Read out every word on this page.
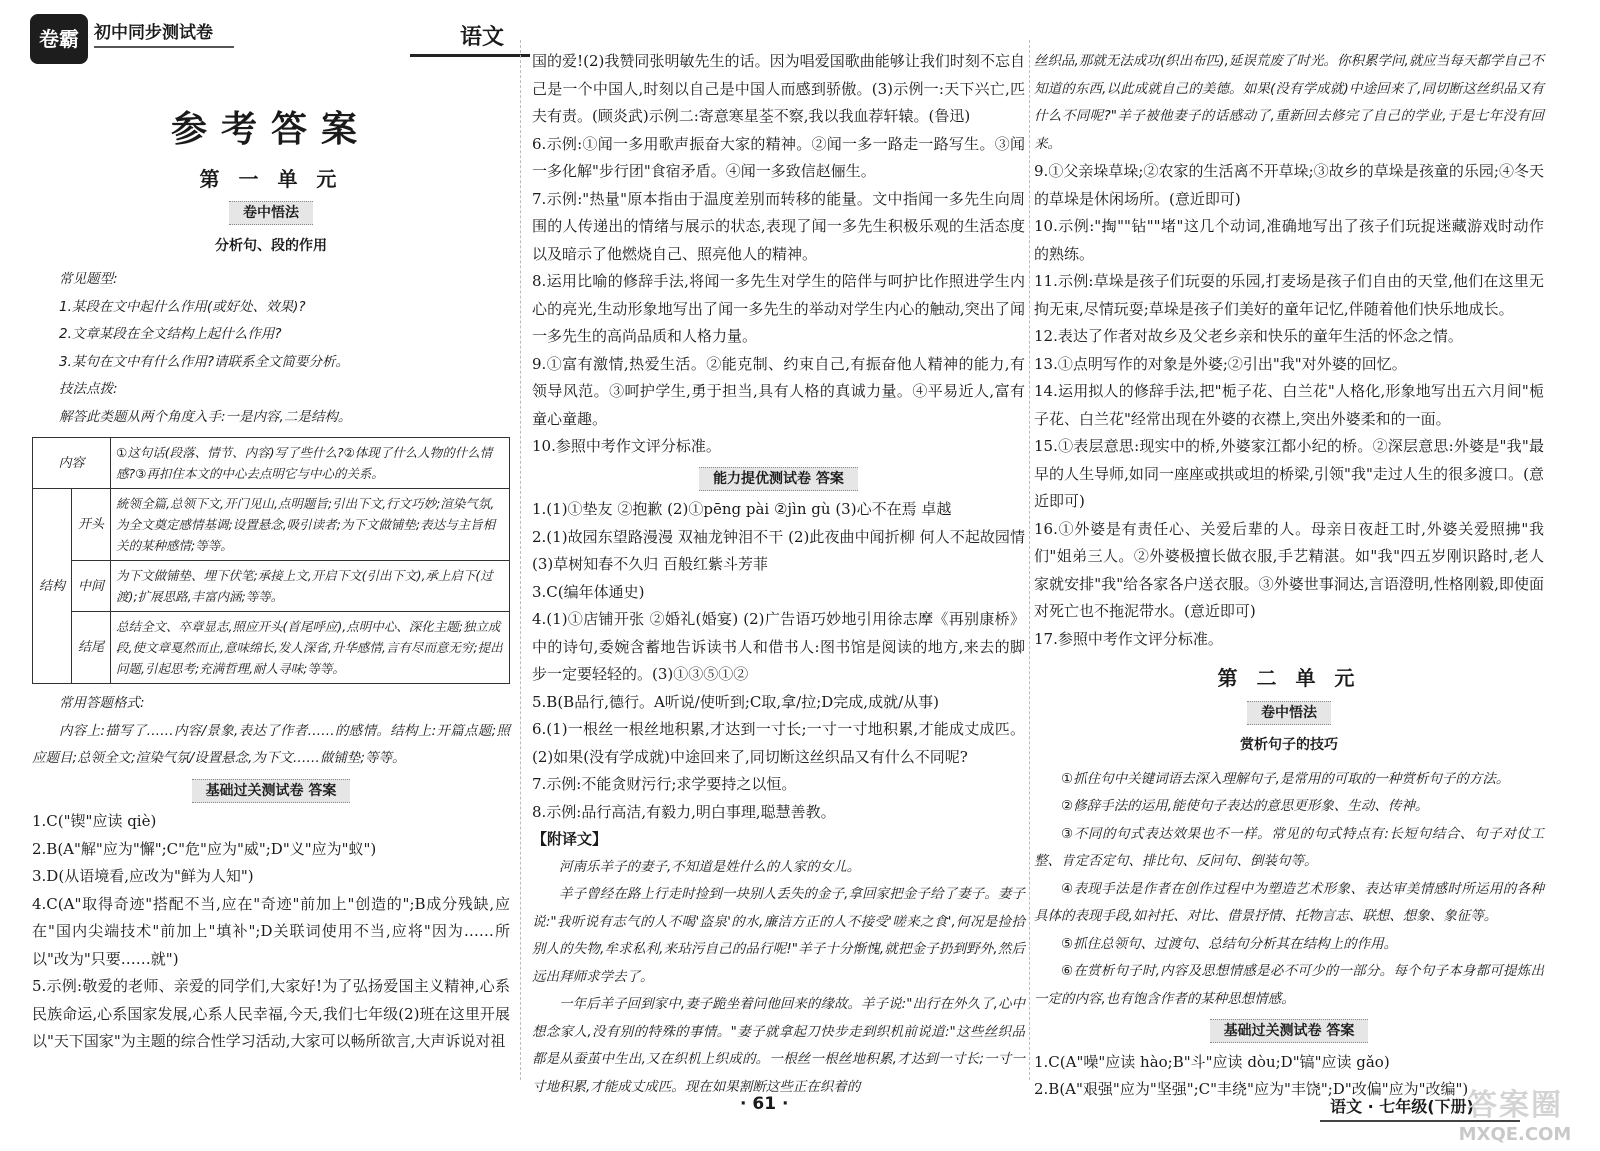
卷霸 初中同步测试卷	语文
参考答案
第 一 单 元
卷中悟法
分析句、段的作用

常见题型:

1.某段在文中起什么作用(或好处、效果)?

2.文章某段在全文结构上起什么作用?

3.某句在文中有什么作用?请联系全文简要分析。

技法点拨:

解答此类题从两个角度入手:一是内容,二是结构。

内容		①这句话(段落、情节、内容)写了些什么?②体现了什么人物的什么情感?③再扣住本文的中心去点明它与中心的关系。
结构	开头	統领全篇,总领下文,开门见山,点明题旨;引出下文,行文巧妙;渲染气氛,为全文奠定感情基调;设置悬念,吸引读者;为下文做铺垫;表达与主旨相关的某种感情;等等。
	中间	为下文做铺垫、埋下伏笔;承接上文,开启下文(引出下文),承上启下(过渡);扩展思路,丰富内涵;等等。
	结尾	总结全文、卒章显志,照应开头(首尾呼应),点明中心、深化主题;独立成段,使文章戛然而止,意味绵长,发人深省,升华感情,言有尽而意无穷;提出问题,引起思考;充满哲理,耐人寻味;等等。

常用答题格式:

内容上:描写了……内容/景象,表达了作者……的感情。结构上:开篇点题;照应题目;总领全文;渲染气氛/设置悬念,为下文……做铺垫;等等。

基础过关测试卷 答案

1.C("锲"应读 qiè)

2.B(A"解"应为"懈";C"危"应为"威";D"义"应为"蚁")

3.D(从语境看,应改为"鲜为人知")

4.C(A"取得奇迹"搭配不当,应在"奇迹"前加上"创造的";B成分残缺,应在"国内尖端技术"前加上"填补";D关联词使用不当,应将"因为……所以"改为"只要……就")

5.示例:敬爱的老师、亲爱的同学们,大家好!为了弘扬爱国主义精神,心系民族命运,心系国家发展,心系人民幸福,今天,我们七年级(2)班在这里开展以"天下国家"为主题的综合性学习活动,大家可以畅所欲言,大声诉说对祖

国的爱!(2)我赞同张明敏先生的话。因为唱爱国歌曲能够让我们时刻不忘自己是一个中国人,时刻以自己是中国人而感到骄傲。(3)示例一:天下兴亡,匹夫有责。(顾炎武)示例二:寄意寒星荃不察,我以我血荐轩辕。(鲁迅)

6.示例:①闻一多用歌声振奋大家的精神。②闻一多一路走一路写生。③闻一多化解"步行团"食宿矛盾。④闻一多致信赵俪生。

7.示例:"热量"原本指由于温度差别而转移的能量。文中指闻一多先生向周围的人传递出的情绪与展示的状态,表现了闻一多先生积极乐观的生活态度以及暗示了他燃烧自己、照亮他人的精神。

8.运用比喻的修辞手法,将闻一多先生对学生的陪伴与呵护比作照进学生内心的亮光,生动形象地写出了闻一多先生的举动对学生内心的触动,突出了闻一多先生的高尚品质和人格力量。

9.①富有激情,热爱生活。②能克制、约束自己,有振奋他人精神的能力,有领导风范。③呵护学生,勇于担当,具有人格的真诚力量。④平易近人,富有童心童趣。

10.参照中考作文评分标准。

能力提优测试卷 答案

1.(1)①垫友 ②抱歉 (2)①pēng pài ②jìn gù (3)心不在焉 卓越

2.(1)故园东望路漫漫 双袖龙钟泪不干 (2)此夜曲中闻折柳 何人不起故园情 (3)草树知春不久归 百般红紫斗芳菲

3.C(编年体通史)

4.(1)①店铺开张 ②婚礼(婚宴) (2)广告语巧妙地引用徐志摩《再别康桥》中的诗句,委婉含蓄地告诉读书人和借书人:图书馆是阅读的地方,来去的脚步一定要轻轻的。(3)①③⑤①②

5.B(B品行,德行。A听说/使听到;C取,拿/拉;D完成,成就/从事)

6.(1)一根丝一根丝地积累,才达到一寸长;一寸一寸地积累,才能成丈成匹。(2)如果(没有学成就)中途回来了,同切断这丝织品又有什么不同呢?

7.示例:不能贪财污行;求学要持之以恒。

8.示例:品行高洁,有毅力,明白事理,聪慧善教。

【附译文】

河南乐羊子的妻子,不知道是姓什么的人家的女儿。

羊子曾经在路上行走时捡到一块别人丢失的金子,拿回家把金子给了妻子。妻子说:"我听说有志气的人不喝'盗泉'的水,廉洁方正的人不接受'嗟来之食',何况是捡拾别人的失物,牟求私利,来玷污自己的品行呢!"羊子十分惭愧,就把金子扔到野外,然后远出拜师求学去了。

一年后羊子回到家中,妻子跪坐着问他回来的缘故。羊子说:"出行在外久了,心中想念家人,没有别的特殊的事情。"妻子就拿起刀快步走到织机前说道:"这些丝织品都是从蚕茧中生出,又在织机上织成的。一根丝一根丝地积累,才达到一寸长;一寸一寸地积累,才能成丈成匹。现在如果割断这些正在织着的

丝织品,那就无法成功(织出布匹),延误荒废了时光。你积累学问,就应当每天都学自己不知道的东西,以此成就自己的美德。如果(没有学成就)中途回来了,同切断这丝织品又有什么不同呢?"羊子被他妻子的话感动了,重新回去修完了自己的学业,于是七年没有回来。

9.①父亲垛草垛;②农家的生活离不开草垛;③故乡的草垛是孩童的乐园;④冬天的草垛是休闲场所。(意近即可)

10.示例:"掏""钻""堵"这几个动词,准确地写出了孩子们玩捉迷藏游戏时动作的熟练。

11.示例:草垛是孩子们玩耍的乐园,打麦场是孩子们自由的天堂,他们在这里无拘无束,尽情玩耍;草垛是孩子们美好的童年记忆,伴随着他们快乐地成长。

12.表达了作者对故乡及父老乡亲和快乐的童年生活的怀念之情。

13.①点明写作的对象是外婆;②引出"我"对外婆的回忆。

14.运用拟人的修辞手法,把"栀子花、白兰花"人格化,形象地写出五六月间"栀子花、白兰花"经常出现在外婆的衣襟上,突出外婆柔和的一面。

15.①表层意思:现实中的桥,外婆家江都小纪的桥。②深层意思:外婆是"我"最早的人生导师,如同一座座或拱或坦的桥梁,引领"我"走过人生的很多渡口。(意近即可)

16.①外婆是有责任心、关爱后辈的人。母亲日夜赶工时,外婆关爱照拂"我们"姐弟三人。②外婆极擅长做衣服,手艺精湛。如"我"四五岁刚识路时,老人家就安排"我"给各家各户送衣服。③外婆世事洞达,言语澄明,性格刚毅,即使面对死亡也不拖泥带水。(意近即可)

17.参照中考作文评分标准。

第 二 单 元
卷中悟法
赏析句子的技巧

①抓住句中关键词语去深入理解句子,是常用的可取的一种赏析句子的方法。

②修辞手法的运用,能使句子表达的意思更形象、生动、传神。

③不同的句式表达效果也不一样。常见的句式特点有:长短句结合、句子对仗工整、肯定否定句、排比句、反问句、倒装句等。

④表现手法是作者在创作过程中为塑造艺术形象、表达审美情感时所运用的各种具体的表现手段,如衬托、对比、借景抒情、托物言志、联想、想象、象征等。

⑤抓住总领句、过渡句、总结句分析其在结构上的作用。

⑥在赏析句子时,内容及思想情感是必不可少的一部分。每个句子本身都可提炼出一定的内容,也有饱含作者的某种思想情感。

基础过关测试卷 答案

1.C(A"噪"应读 hào;B"斗"应读 dòu;D"镐"应读 gǎo)

2.B(A"艰强"应为"坚强";C"丰绕"应为"丰饶";D"改偏"应为"改编")

· 61 ·	语文 · 七年级(下册)
答案圈
MXQE.COM
